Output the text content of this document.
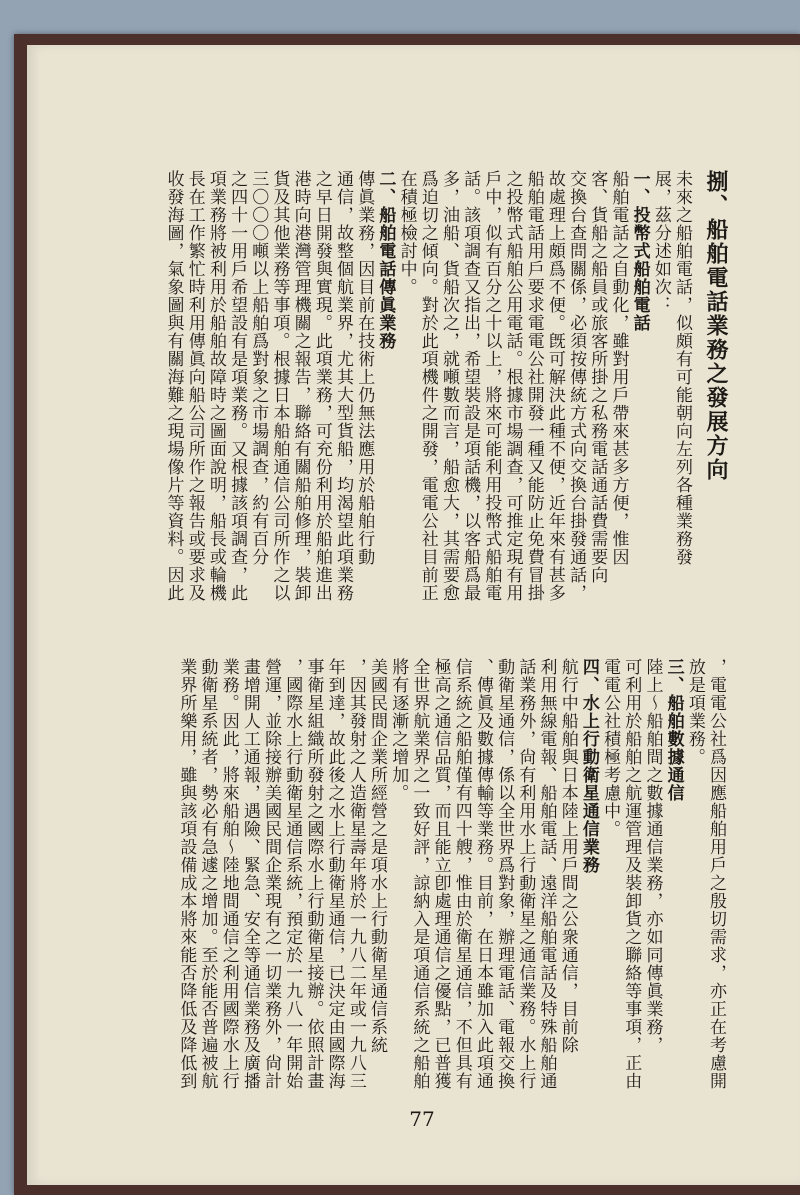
捌、船舶電話業務之發展方向
未來之船舶電話，似頗有可能朝向左列各種業務發
展，茲分述如次：
一、投幣式船舶電話
船舶電話之自動化，雖對用戶帶來甚多方便，惟因
客、貨船之船員或旅客所掛之私務電話通話費需要向
交換台查問關係，必須按傳統方式向交換台掛發通話，
故處理上頗爲不便。旣可解決此種不便，近年來有甚多
船舶電話用戶要求電電公社開發一種又能防止免費冒掛
之投幣式船舶公用電話。根據市場調查，可推定現有用
戶中，似有百分之十以上，將來可能利用投幣式船舶電
話。該項調查又指出，希望裝設是項話機，以客船爲最
多，油船、貨船次之，就噸數而言，船愈大，其需要愈
爲迫切之傾向。對於此項機件之開發，電電公社目前正
在積極檢討中。
二、船舶電話傳眞業務
傳眞業務，因目前在技術上仍無法應用於船舶行動
通信，故整個航業界，尤其大型貨船，均渴望此項業務
之早日開發與實現。此項業務，可充份利用於船舶進出
港時向港灣管理機關之報告，聯絡有關船舶修理，裝卸
貨及其他業務等事項。根據日本船舶通信公司所作之以
三〇〇〇噸以上船舶爲對象之市場調查，約有百分
之四十一用戶希望設有是項業務。又根據該項調查，此
項業務將被利用於船舶故障時之圖面說明，船長或輪機
長在工作繁忙時利用傳眞向船公司所作之報告或要求及
收發海圖，氣象圖與有關海難之現場像片等資料。因此
，電電公社爲因應船舶用戶之殷切需求，亦正在考慮開
放是項業務。
三、船舶數據通信
陸上～船舶間之數據通信業務，亦如同傳眞業務，
可利用於船舶之航運管理及裝卸貨之聯絡等事項，正由
電電公社積極考慮中。
四、水上行動衛星通信業務
航行中船舶與日本陸上用戶間之公衆通信，目前除
利用無線電報、船舶電話、遠洋船舶電話及特殊船舶通
話業務外，尙有利用水上行動衛星之通信業務。水上行
動衛星通信，係以全世界爲對象，辦理電話、電報交換
、傳眞及數據傳輸等業務。目前，在日本雖加入此項通
信系統之船舶僅有四十艘，惟由於衛星通信，不但具有
極高之通信品質，而且能立卽處理通信之優點，已普獲
全世界航業界之一致好評，諒納入是項通信系統之船舶
將有逐漸之增加。
美國民間企業所經營之是項水上行動衛星通信系統
，因其發射之人造衛星壽年將於一九八二年或一九八三
年到達，故此後之水上行動衛星通信，已決定由國際海
事衛星組織所發射之國際水上行動衛星接辦。依照計畫
，國際水上行動衛星通信系統，預定於一九八一年開始
營運，並除接辦美國民間企業現有之一切業務外，尙計
畫增開人工通報，遇險、緊急、安全等通信業務及廣播
業務。因此，將來船舶～陸地間通信之利用國際水上行
動衛星系統者，勢必有急遽之增加。至於能否普遍被航
業界所樂用，雖與該項設備成本將來能否降低及降低到
77
